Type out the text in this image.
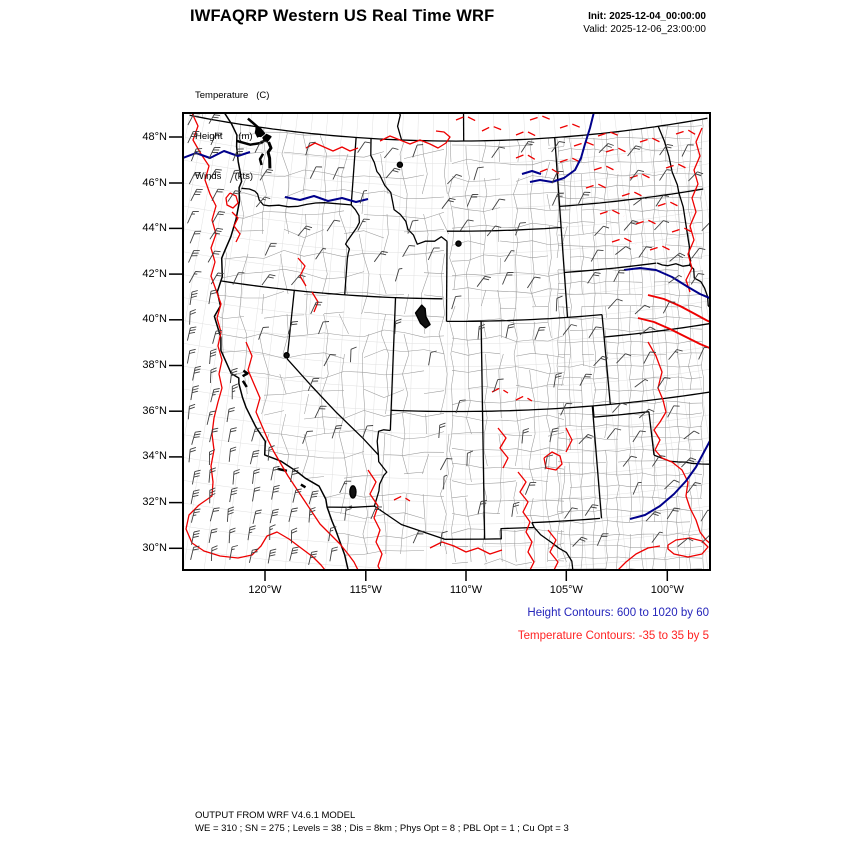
IWFAQRP Western US Real Time WRF	Init: 2025-12-04_00:00:00
Valid: 2025-12-06_23:00:00

Temperature   (C)

Height      (m)

Winds     (kts)

48°N
46°N
44°N
42°N
40°N
38°N
36°N
34°N
32°N
30°N
120°W	115°W	110°W	105°W	100°W
Height Contours: 600 to 1020 by 60
Temperature Contours: -35 to 35 by 5
OUTPUT FROM WRF V4.6.1 MODEL
WE = 310 ; SN = 275 ; Levels = 38 ; Dis = 8km ; Phys Opt = 8 ; PBL Opt = 1 ; Cu Opt = 3
